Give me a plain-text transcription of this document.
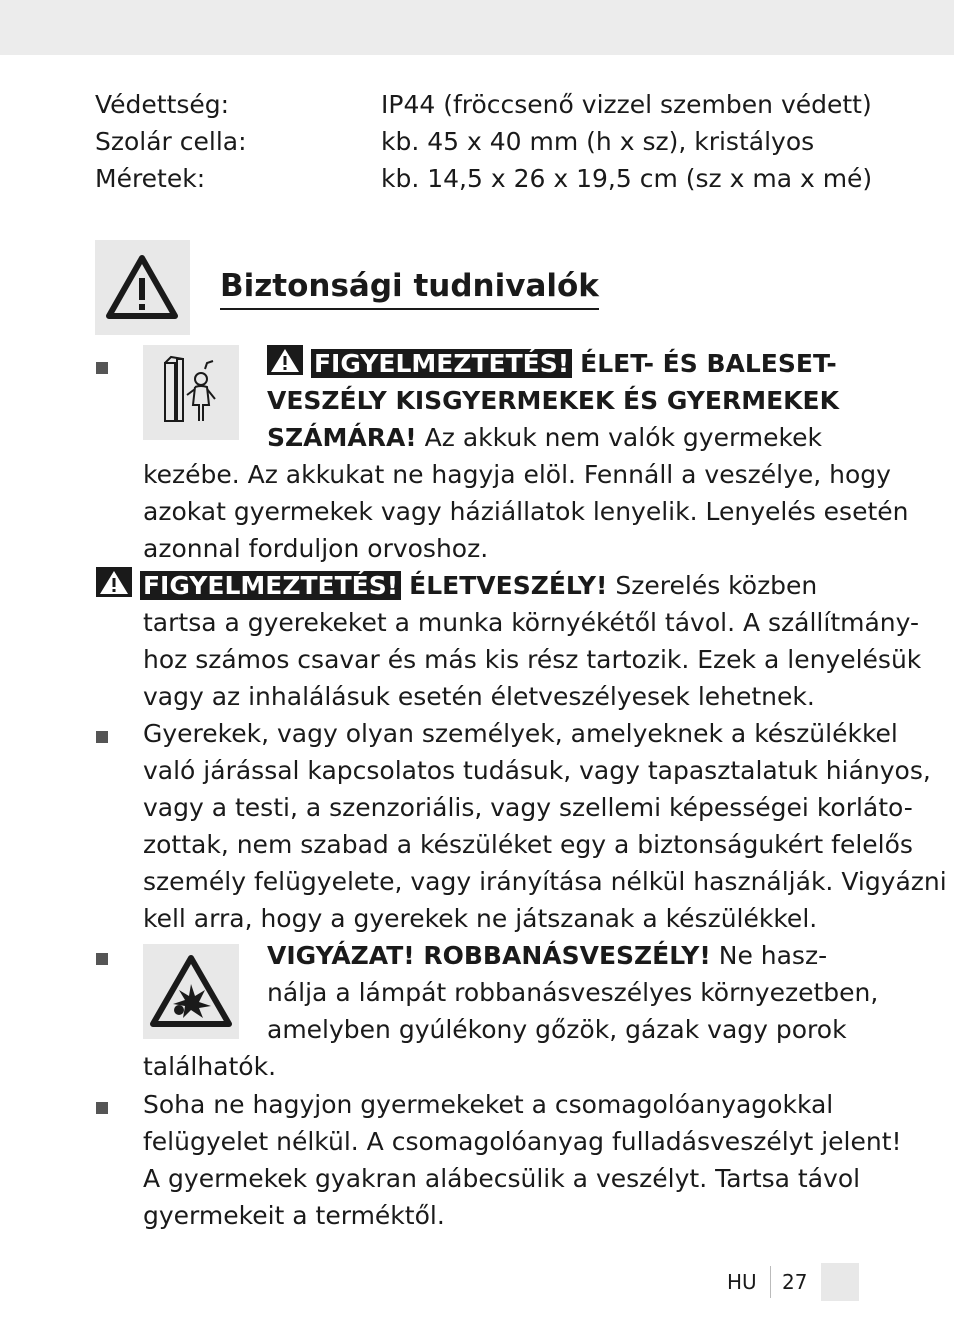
Védettség:	IP44 (fröccsenő vizzel szemben védett)
Szolár cella:	kb. 45 x 40 mm (h x sz), kristályos
Méretek:	kb. 14,5 x 26 x 19,5 cm (sz x ma x mé)
Biztonsági tudnivalók
FIGYELMEZTETÉS! ÉLET- ÉS BALESET-
VESZÉLY KISGYERMEKEK ÉS GYERMEKEK
SZÁMÁRA! Az akkuk nem valók gyermekek
kezébe. Az akkukat ne hagyja elöl. Fennáll a veszélye, hogy
azokat gyermekek vagy háziállatok lenyelik. Lenyelés esetén
azonnal forduljon orvoshoz.
FIGYELMEZTETÉS! ÉLETVESZÉLY! Szerelés közben
tartsa a gyerekeket a munka környékétől távol. A szállítmány-
hoz számos csavar és más kis rész tartozik. Ezek a lenyelésük
vagy az inhalálásuk esetén életveszélyesek lehetnek.
Gyerekek, vagy olyan személyek, amelyeknek a készülékkel
való járással kapcsolatos tudásuk, vagy tapasztalatuk hiányos,
vagy a testi, a szenzoriális, vagy szellemi képességei korláto-
zottak, nem szabad a készüléket egy a biztonságukért felelős
személy felügyelete, vagy irányítása nélkül használják. Vigyázni
kell arra, hogy a gyerekek ne játszanak a készülékkel.
VIGYÁZAT! ROBBANÁSVESZÉLY! Ne hasz-
nálja a lámpát robbanásveszélyes környezetben,
amelyben gyúlékony gőzök, gázak vagy porok
találhatók.
Soha ne hagyjon gyermekeket a csomagolóanyagokkal
felügyelet nélkül. A csomagolóanyag fulladásveszélyt jelent!
A gyermekek gyakran alábecsülik a veszélyt. Tartsa távol
gyermekeit a terméktől.
HU 27
